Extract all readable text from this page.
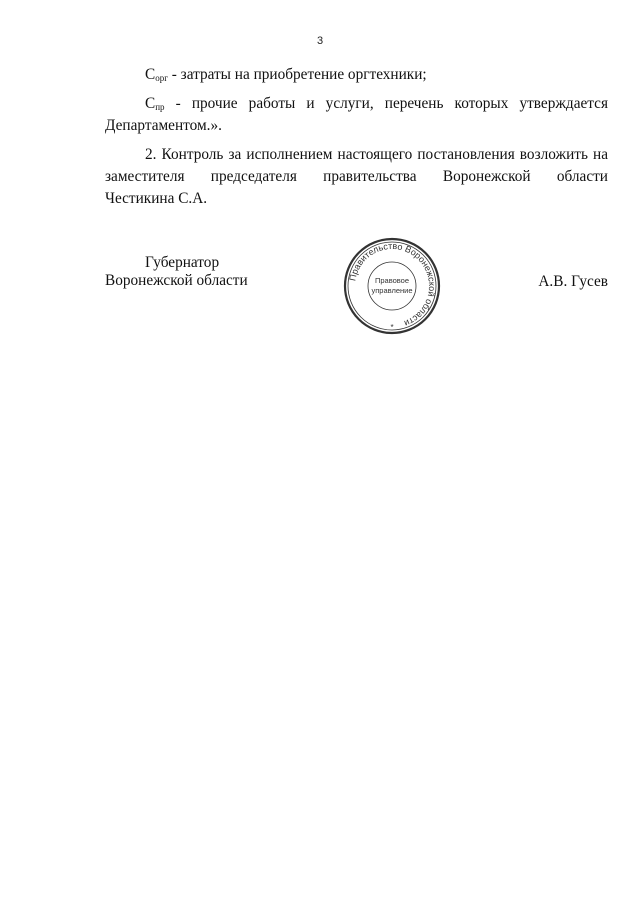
3

$С_{орг}$ - затраты на приобретение оргтехники;

$С_{пр}$ - прочие работы и услуги, перечень которых утверждается
Департаментом.».

2. Контроль за исполнением настоящего постановления возложить на
заместителя председателя правительства Воронежской области
Честикина С.А.

Губернатор
Воронежской области	Правительство Воронежской области
Правовое
управление
*
А.В. Гусев
